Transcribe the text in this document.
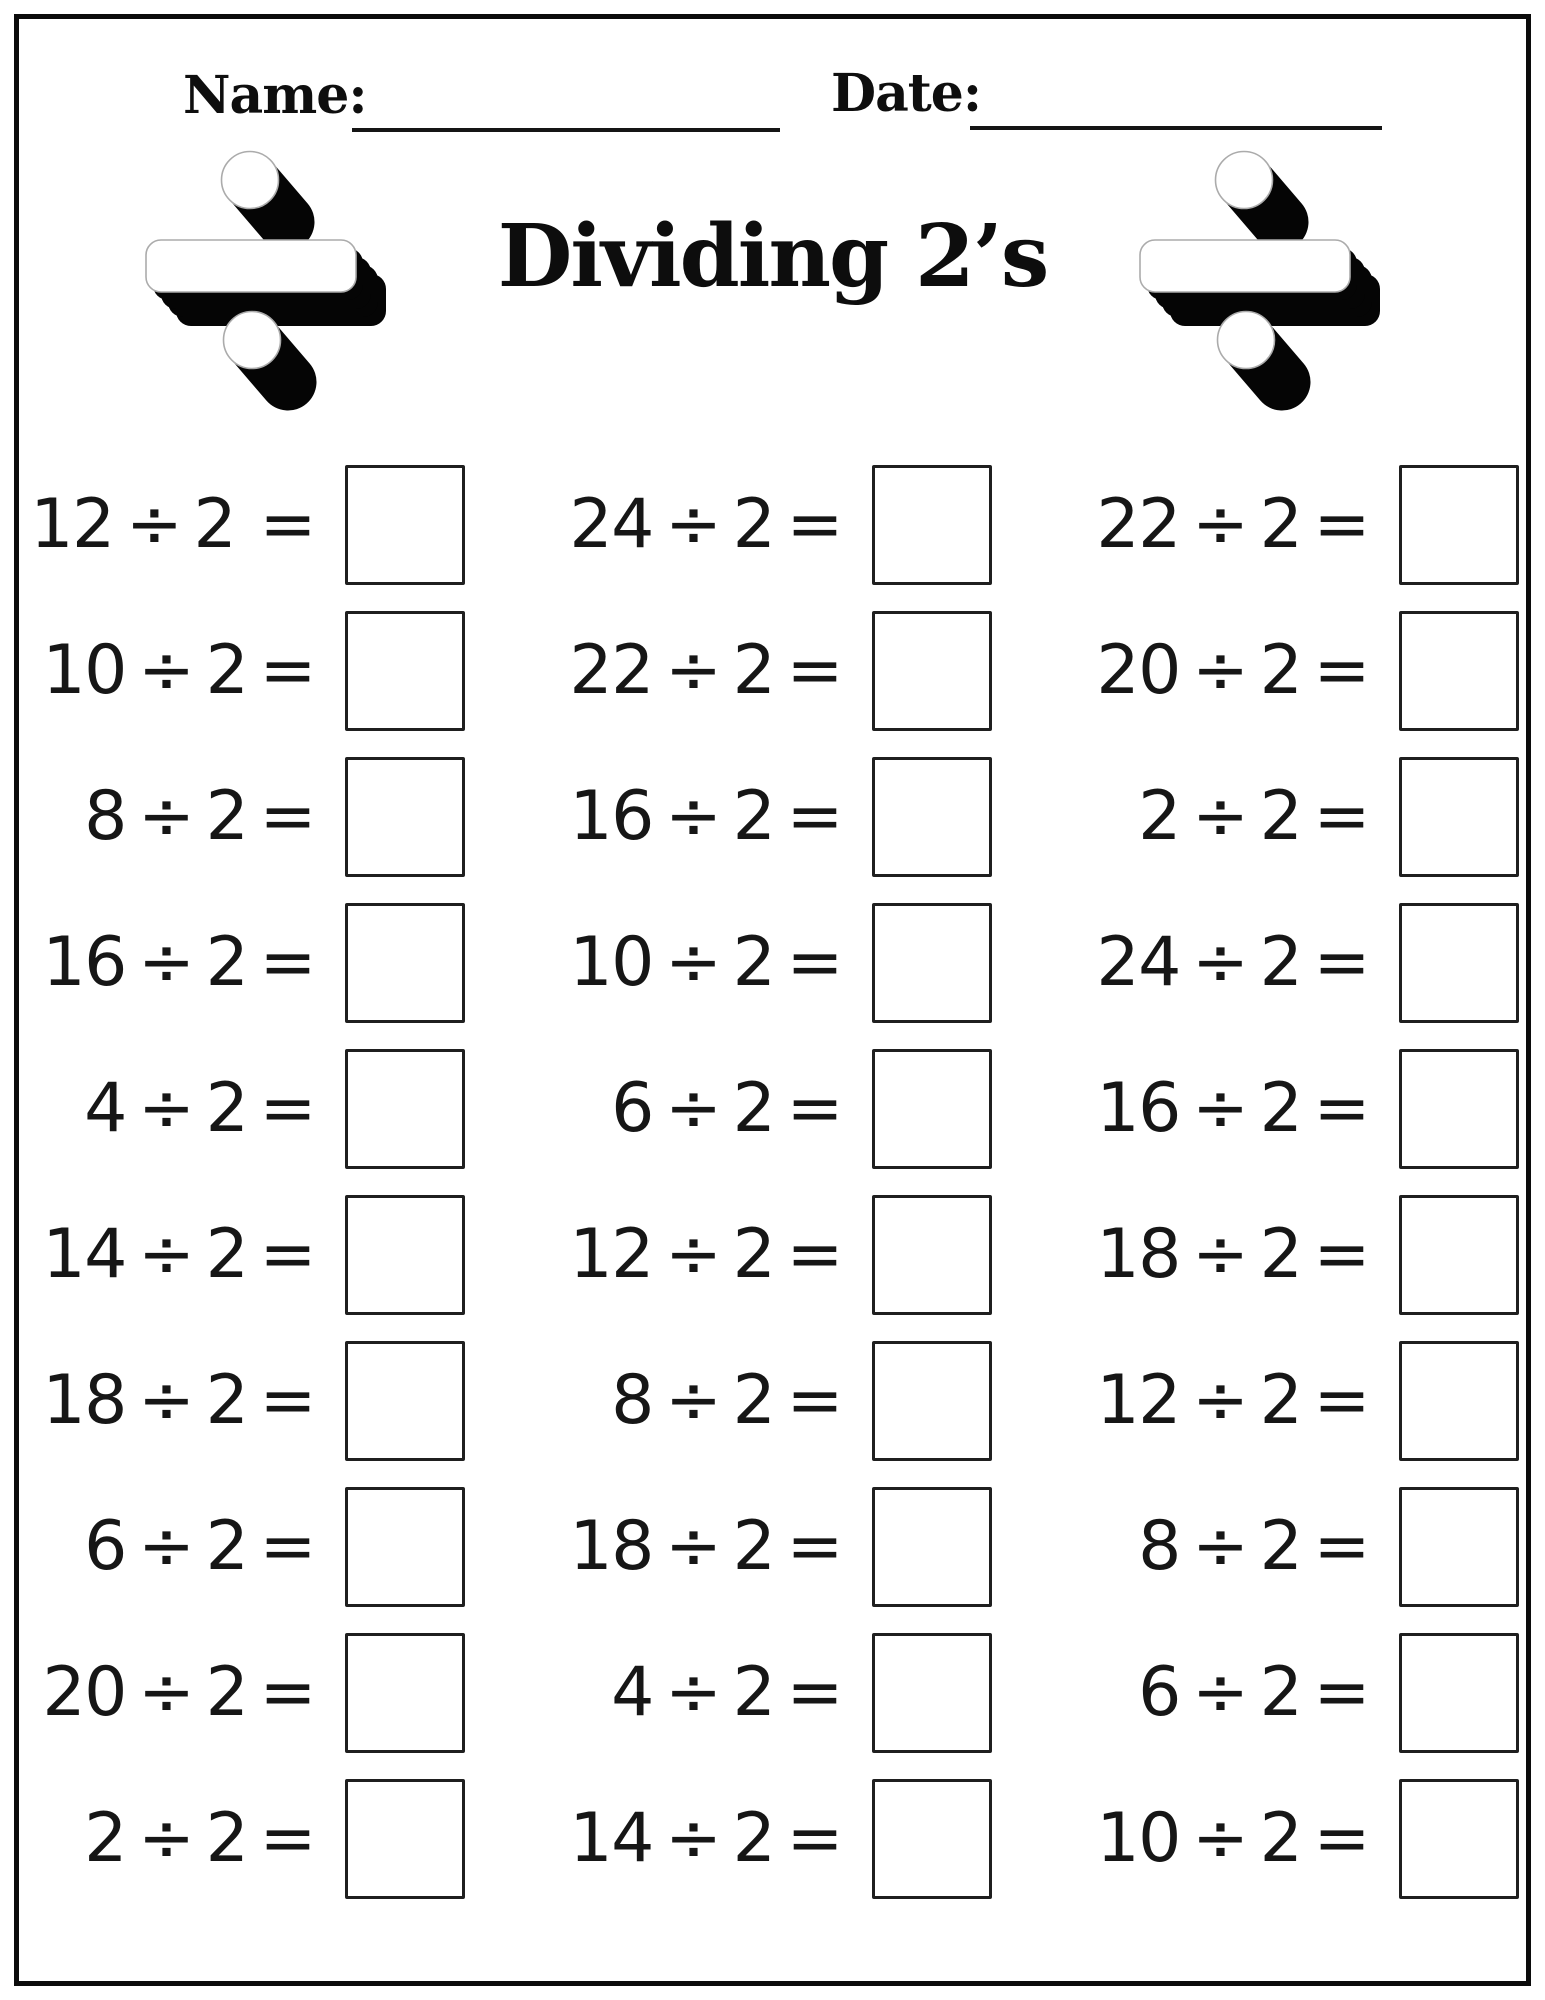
Name:	Date:
Dividing 2’s
12 ÷ 2  =	24 ÷ 2 =	22 ÷ 2 =
10 ÷ 2 =	22 ÷ 2 =	20 ÷ 2 =
8 ÷ 2 =	16 ÷ 2 =	2 ÷ 2 =
16 ÷ 2 =	10 ÷ 2 =	24 ÷ 2 =
4 ÷ 2 =	6 ÷ 2 =	16 ÷ 2 =
14 ÷ 2 =	12 ÷ 2 =	18 ÷ 2 =
18 ÷ 2 =	8 ÷ 2 =	12 ÷ 2 =
6 ÷ 2 =	18 ÷ 2 =	8 ÷ 2 =
20 ÷ 2 =	4 ÷ 2 =	6 ÷ 2 =
2 ÷ 2 =	14 ÷ 2 =	10 ÷ 2 =
